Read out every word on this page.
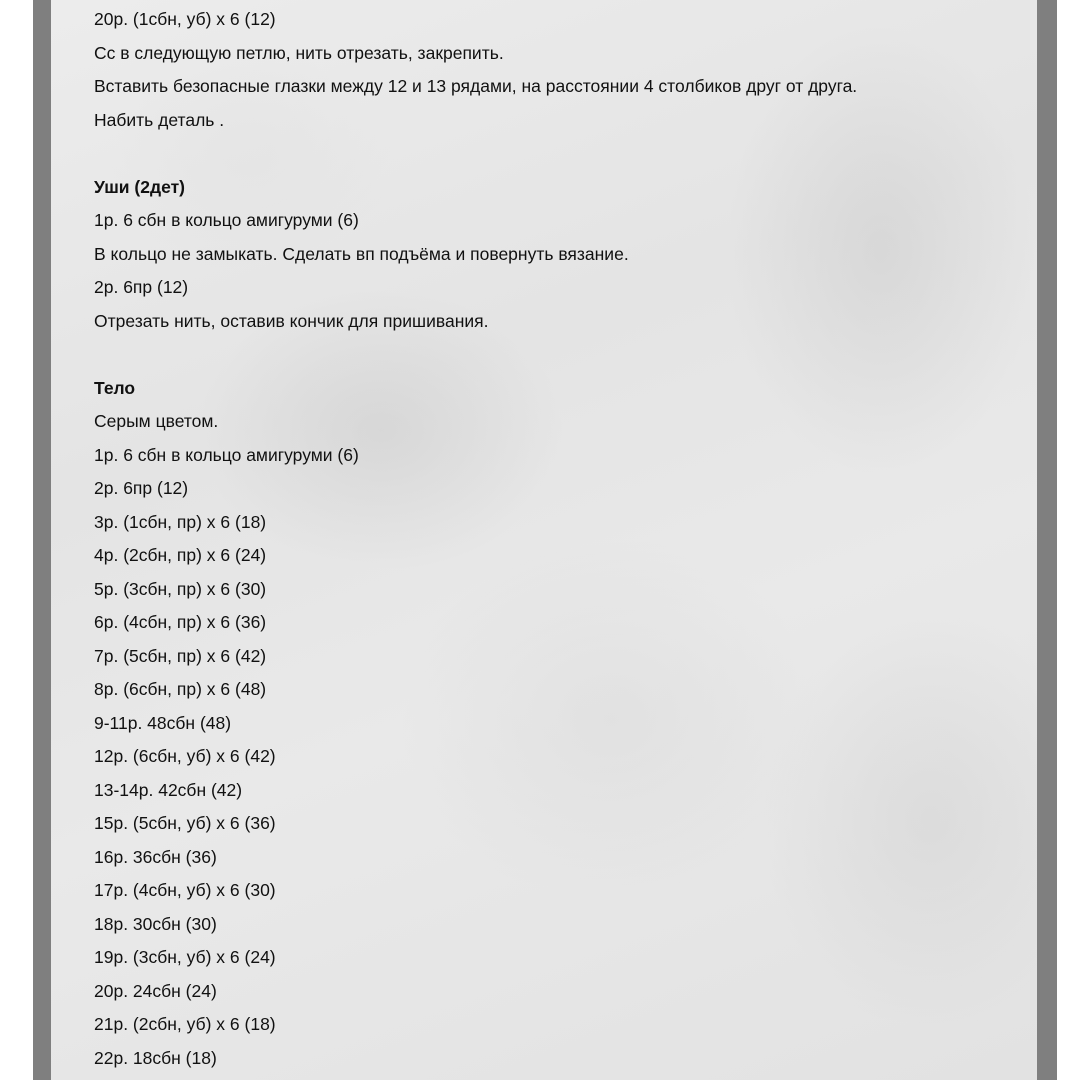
20р. (1сбн, уб) х 6 (12)
Сс в следующую петлю, нить отрезать, закрепить.
Вставить безопасные глазки между 12 и 13 рядами, на расстоянии 4 столбиков друг от друга.
Набить деталь .
Уши (2дет)
1р. 6 сбн в кольцо амигуруми (6)
В кольцо не замыкать. Сделать вп подъёма и повернуть вязание.
2р. 6пр (12)
Отрезать нить, оставив кончик для пришивания.
Тело
Серым цветом.
1р. 6 сбн в кольцо амигуруми (6)
2р. 6пр (12)
3р. (1сбн, пр) х 6 (18)
4р. (2сбн, пр) х 6 (24)
5р. (3сбн, пр) х 6 (30)
6р. (4сбн, пр) х 6 (36)
7р. (5сбн, пр) х 6 (42)
8р. (6сбн, пр) х 6 (48)
9-11р. 48сбн (48)
12р. (6сбн, уб) х 6 (42)
13-14р. 42сбн (42)
15р. (5сбн, уб) х 6 (36)
16р. 36сбн (36)
17р. (4сбн, уб) х 6 (30)
18р. 30сбн (30)
19р. (3сбн, уб) х 6 (24)
20р. 24сбн (24)
21р. (2сбн, уб) х 6 (18)
22р. 18сбн (18)
